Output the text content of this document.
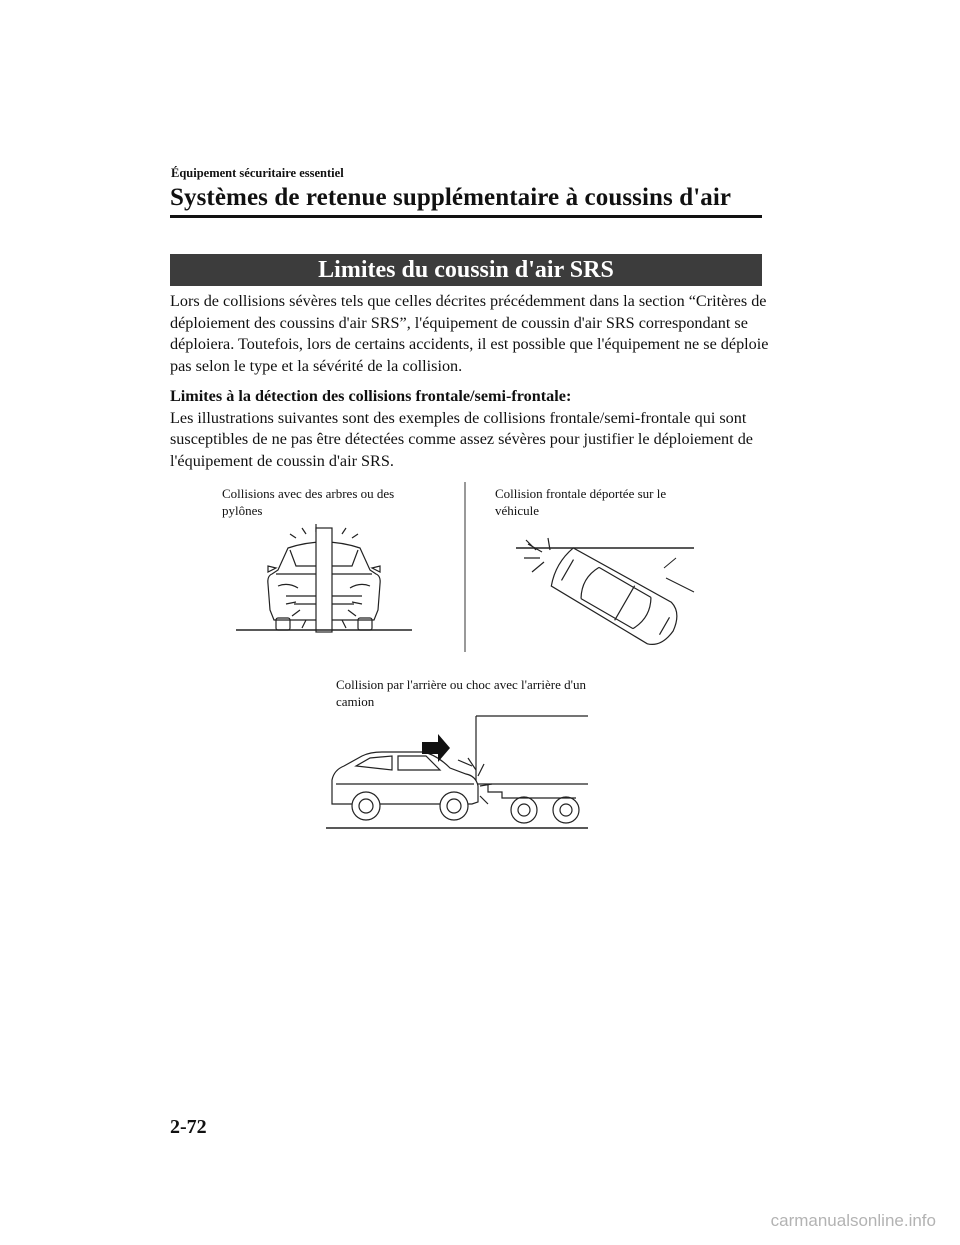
Équipement sécuritaire essentiel
Systèmes de retenue supplémentaire à coussins d'air
Limites du coussin d'air SRS

Lors de collisions sévères tels que celles décrites précédemment dans la section “Critères de

déploiement des coussins d'air SRS”, l'équipement de coussin d'air SRS correspondant se

déploiera. Toutefois, lors de certains accidents, il est possible que l'équipement ne se déploie

pas selon le type et la sévérité de la collision.

Limites à la détection des collisions frontale/semi-frontale:

Les illustrations suivantes sont des exemples de collisions frontale/semi-frontale qui sont

susceptibles de ne pas être détectées comme assez sévères pour justifier le déploiement de

l'équipement de coussin d'air SRS.

Collisions avec des arbres ou des
pylônes
Collision frontale déportée sur le
véhicule
Collision par l'arrière ou choc avec l'arrière d'un
camion
2-72
carmanualsonline.info
